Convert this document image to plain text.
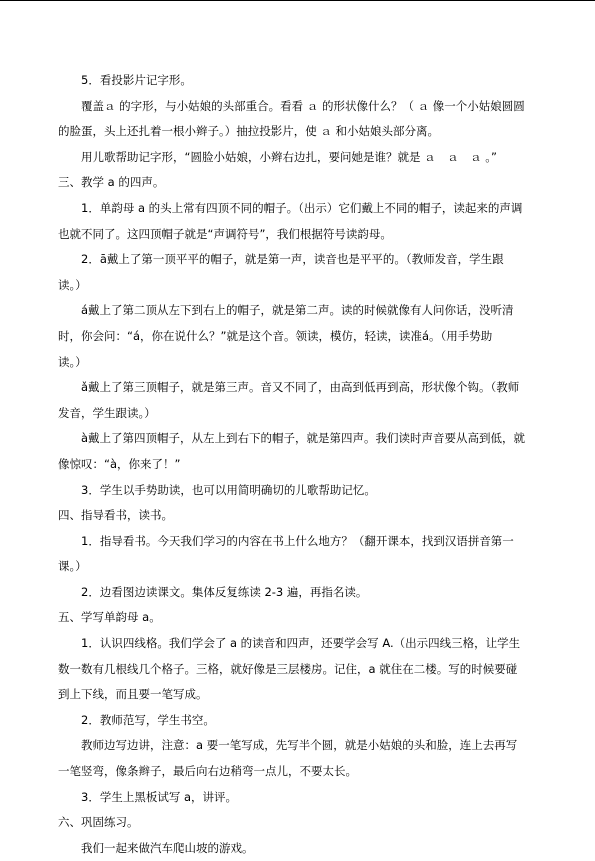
5．看投影片记字形。

覆盖ａ 的字形，与小姑娘的头部重合。看看 ａ 的形状像什么？（ ａ 像一个小姑娘圆圆

的脸蛋，头上还扎着一根小辫子。）抽拉投影片，使 ａ 和小姑娘头部分离。

用儿歌帮助记字形，“圆脸小姑娘，小辫右边扎，要问她是谁？就是 ａ　ａ　ａ 。”

三、教学 a 的四声。

1．单韵母 a 的头上常有四顶不同的帽子。（出示）它们戴上不同的帽子，读起来的声调

也就不同了。这四顶帽子就是“声调符号”，我们根据符号读韵母。

2．ā戴上了第一顶平平的帽子，就是第一声，读音也是平平的。（教师发音，学生跟

读。）

á戴上了第二顶从左下到右上的帽子，就是第二声。读的时候就像有人问你话，没听清

时，你会问：“á，你在说什么？”就是这个音。领读，模仿，轻读，读准á。（用手势助

读。）

ǎ戴上了第三顶帽子，就是第三声。音又不同了，由高到低再到高，形状像个钩。（教师

发音，学生跟读。）

à戴上了第四顶帽子，从左上到右下的帽子，就是第四声。我们读时声音要从高到低，就

像惊叹：“à，你来了！”

3．学生以手势助读，也可以用简明确切的儿歌帮助记忆。

四、指导看书，读书。

1．指导看书。今天我们学习的内容在书上什么地方？（翻开课本，找到汉语拼音第一

课。）

2．边看图边读课文。集体反复练读 2-3 遍，再指名读。

五、学写单韵母 a。

1．认识四线格。我们学会了 a 的读音和四声，还要学会写 A.（出示四线三格，让学生

数一数有几根线几个格子。三格，就好像是三层楼房。记住，a 就住在二楼。写的时候要碰

到上下线，而且要一笔写成。

2．教师范写，学生书空。

教师边写边讲，注意：a 要一笔写成，先写半个圆，就是小姑娘的头和脸，连上去再写

一笔竖弯，像条辫子，最后向右边稍弯一点儿，不要太长。

3．学生上黑板试写 a，讲评。

六、巩固练习。

我们一起来做汽车爬山坡的游戏。
